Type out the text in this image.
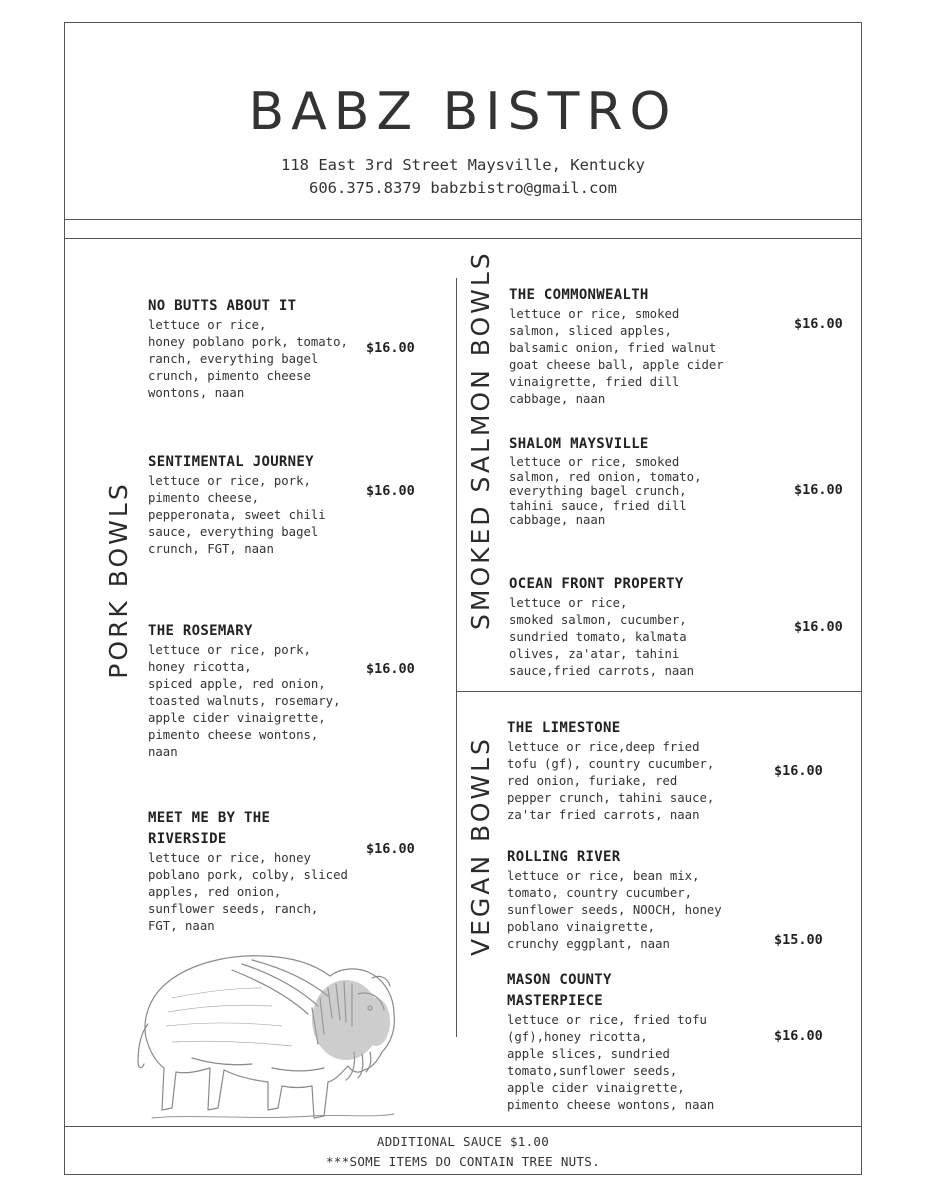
BABZ BISTRO
118 East 3rd Street Maysville, Kentucky
606.375.8379 babzbistro@gmail.com
PORK BOWLS	SMOKED SALMON BOWLS
VEGAN BOWLS
NO BUTTS ABOUT IT
lettuce or rice,
honey poblano pork, tomato,
ranch, everything bagel
crunch, pimento cheese
wontons, naan
$16.00
SENTIMENTAL JOURNEY
lettuce or rice, pork,
pimento cheese,
pepperonata, sweet chili
sauce, everything bagel
crunch, FGT, naan
$16.00
THE ROSEMARY
lettuce or rice, pork,
honey ricotta,
spiced apple, red onion,
toasted walnuts, rosemary,
apple cider vinaigrette,
pimento cheese wontons,
naan
$16.00
MEET ME BY THE
RIVERSIDE
lettuce or rice, honey
poblano pork, colby, sliced
apples, red onion,
sunflower seeds, ranch,
FGT, naan
$16.00
THE COMMONWEALTH
lettuce or rice, smoked
salmon, sliced apples,
balsamic onion, fried walnut
goat cheese ball, apple cider
vinaigrette, fried dill
cabbage, naan
$16.00
SHALOM MAYSVILLE
lettuce or rice, smoked
salmon, red onion, tomato,
everything bagel crunch,
tahini sauce, fried dill
cabbage, naan
$16.00
OCEAN FRONT PROPERTY
lettuce or rice,
smoked salmon, cucumber,
sundried tomato, kalmata
olives, za'atar, tahini
sauce,fried carrots, naan
$16.00
THE LIMESTONE
lettuce or rice,deep fried
tofu (gf), country cucumber,
red onion, furiake, red
pepper crunch, tahini sauce,
za'tar fried carrots, naan
$16.00
ROLLING RIVER
lettuce or rice, bean mix,
tomato, country cucumber,
sunflower seeds, NOOCH, honey
poblano vinaigrette,
crunchy eggplant, naan	$15.00
MASON COUNTY
MASTERPIECE
lettuce or rice, fried tofu
(gf),honey ricotta,
apple slices, sundried
tomato,sunflower seeds,
apple cider vinaigrette,
pimento cheese wontons, naan
$16.00
ADDITIONAL SAUCE $1.00
***SOME ITEMS DO CONTAIN TREE NUTS.
